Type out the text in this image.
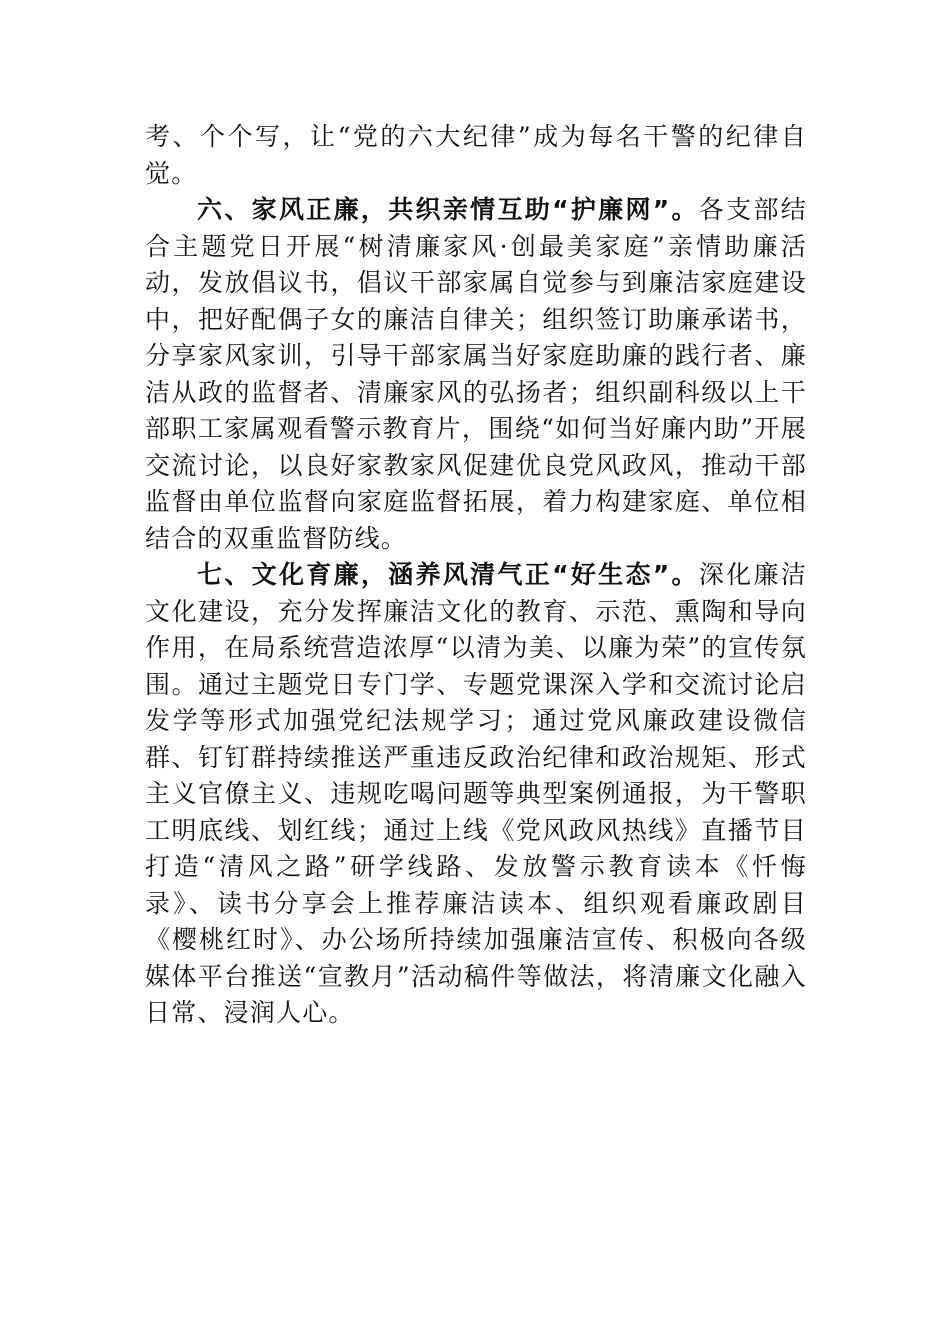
考、个个写，让“党的六大纪律”成为每名干警的纪律自觉。

六、家风正廉，共织亲情互助“护廉网”。各支部结合主题党日开展“树清廉家风·创最美家庭”亲情助廉活动，发放倡议书，倡议干部家属自觉参与到廉洁家庭建设中，把好配偶子女的廉洁自律关；组织签订助廉承诺书，分享家风家训，引导干部家属当好家庭助廉的践行者、廉洁从政的监督者、清廉家风的弘扬者；组织副科级以上干部职工家属观看警示教育片，围绕“如何当好廉内助”开展交流讨论，以良好家教家风促建优良党风政风，推动干部监督由单位监督向家庭监督拓展，着力构建家庭、单位相结合的双重监督防线。

七、文化育廉，涵养风清气正“好生态”。深化廉洁文化建设，充分发挥廉洁文化的教育、示范、熏陶和导向作用，在局系统营造浓厚“以清为美、以廉为荣”的宣传氛围。通过主题党日专门学、专题党课深入学和交流讨论启发学等形式加强党纪法规学习；通过党风廉政建设微信群、钉钉群持续推送严重违反政治纪律和政治规矩、形式主义官僚主义、违规吃喝问题等典型案例通报，为干警职工明底线、划红线；通过上线《党风政风热线》直播节目打造“清风之路”研学线路、发放警示教育读本《忏悔录》、读书分享会上推荐廉洁读本、组织观看廉政剧目《樱桃红时》、办公场所持续加强廉洁宣传、积极向各级媒体平台推送“宣教月”活动稿件等做法，将清廉文化融入日常、浸润人心。
